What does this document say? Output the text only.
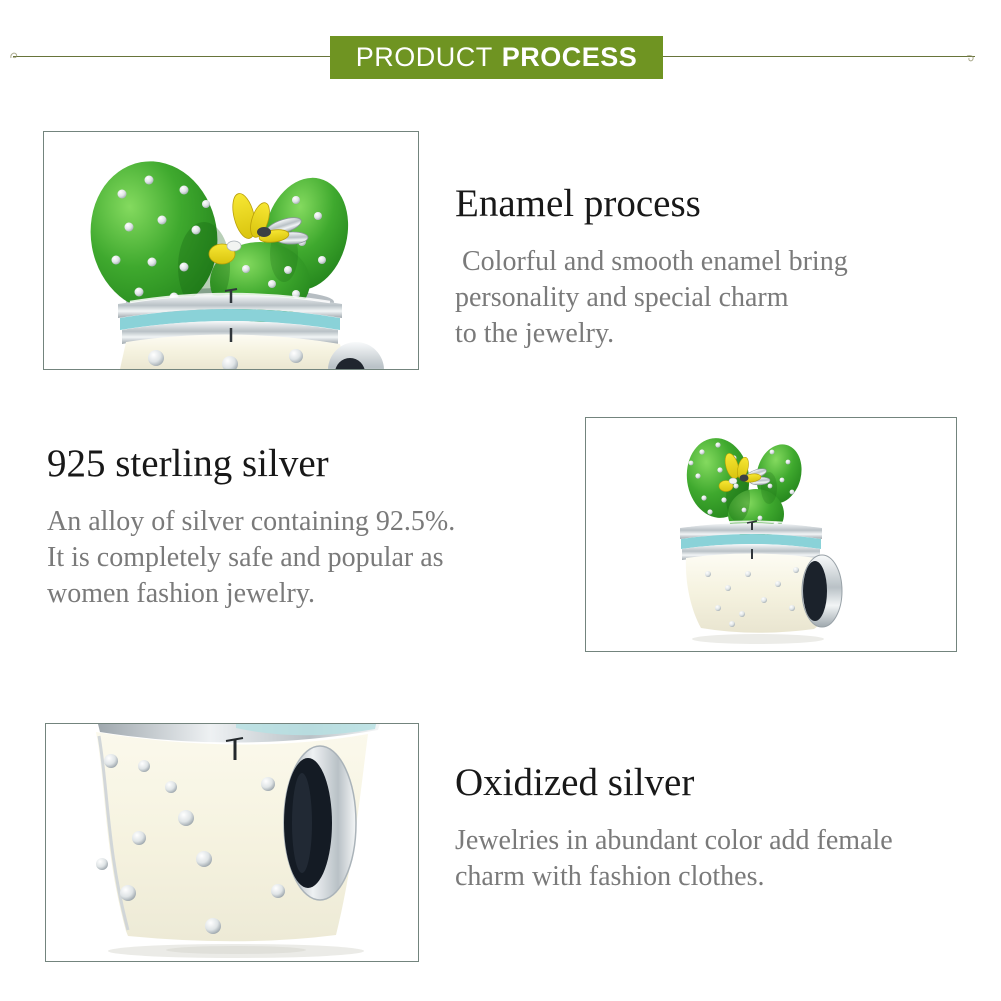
PRODUCT PROCESS
Enamel process
Colorful and smooth enamel bring
personality and special charm
to the jewelry.
925 sterling silver
An alloy of silver containing 92.5%.
It is completely safe and popular as
women fashion jewelry.
Oxidized silver
Jewelries in abundant color add female
charm with fashion clothes.
